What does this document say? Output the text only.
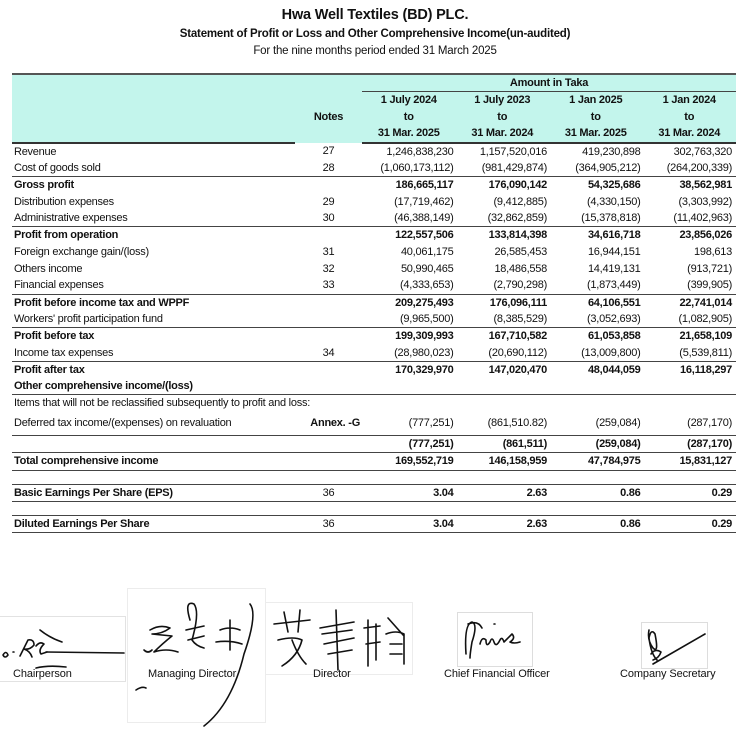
Hwa Well Textiles (BD) PLC.
Statement of Profit or Loss and Other Comprehensive Income(un-audited)
For the nine months period ended 31 March 2025
		Amount in Taka			
	Notes	1 July 2024	1 July 2023	1 Jan 2025	1 Jan 2024
		to	to	to	to
		31 Mar. 2025	31 Mar. 2024	31 Mar. 2025	31 Mar. 2024
Revenue	27	1,246,838,230	1,157,520,016	419,230,898	302,763,320
Cost of goods sold	28	(1,060,173,112)	(981,429,874)	(364,905,212)	(264,200,339)
Gross profit		186,665,117	176,090,142	54,325,686	38,562,981
Distribution expenses	29	(17,719,462)	(9,412,885)	(4,330,150)	(3,303,992)
Administrative expenses	30	(46,388,149)	(32,862,859)	(15,378,818)	(11,402,963)
Profit from operation		122,557,506	133,814,398	34,616,718	23,856,026
Foreign exchange gain/(loss)	31	40,061,175	26,585,453	16,944,151	198,613
Others income	32	50,990,465	18,486,558	14,419,131	(913,721)
Financial expenses	33	(4,333,653)	(2,790,298)	(1,873,449)	(399,905)
Profit before income tax and WPPF		209,275,493	176,096,111	64,106,551	22,741,014
Workers' profit participation fund		(9,965,500)	(8,385,529)	(3,052,693)	(1,082,905)
Profit before tax		199,309,993	167,710,582	61,053,858	21,658,109
Income tax expenses	34	(28,980,023)	(20,690,112)	(13,009,800)	(5,539,811)
Profit after tax		170,329,970	147,020,470	48,044,059	16,118,297
Other comprehensive income/(loss)					
Items that will not be reclassified subsequently to profit and loss:					
Deferred tax income/(expenses) on revaluation	Annex. -G	(777,251)	(861,510.82)	(259,084)	(287,170)
		(777,251)	(861,511)	(259,084)	(287,170)
Total comprehensive income		169,552,719	146,158,959	47,784,975	15,831,127

Basic Earnings Per Share (EPS)	36	3.04	2.63	0.86	0.29

Diluted Earnings Per Share	36	3.04	2.63	0.86	0.29
Chairperson	Managing Director	Director	Chief Financial Officer	Company Secretary
